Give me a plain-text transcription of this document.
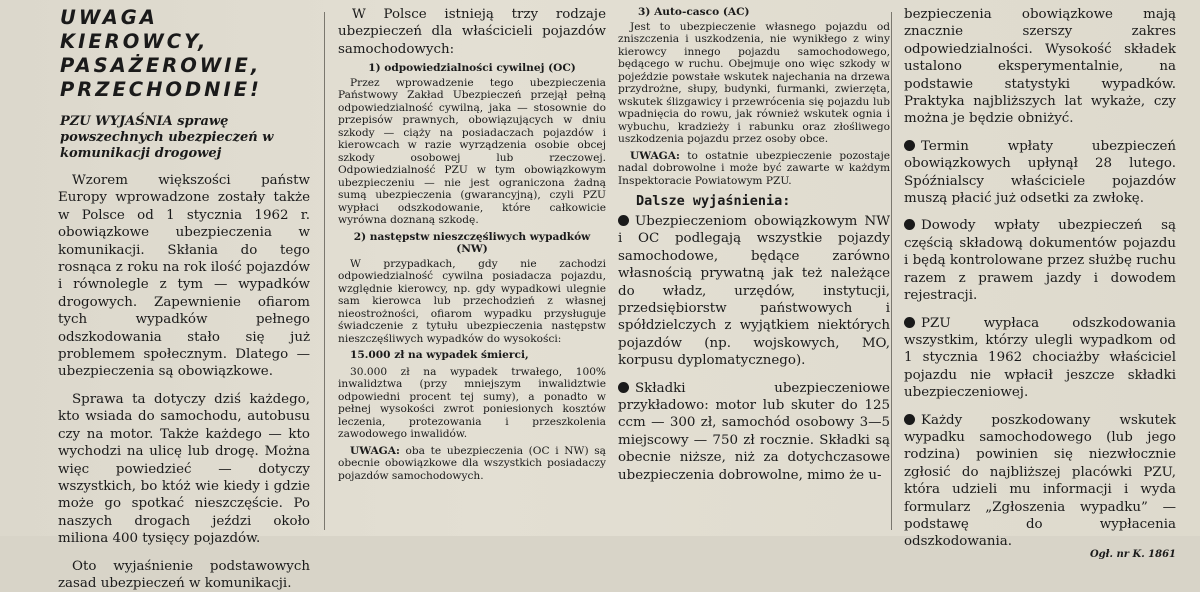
UWAGA KIEROWCY, PASAŻEROWIE, PRZECHODNIE!
PZU WYJAŚNIA sprawę powszechnych ubezpieczeń w komunikacji drogowej

Wzorem większości państw Europy wprowadzone zostały także w Polsce od 1 stycznia 1962 r. obowiązkowe ubezpieczenia w komunikacji. Skłania do tego rosnąca z roku na rok ilość pojazdów i równolegle z tym — wypadków drogowych. Zapewnienie ofiarom tych wypadków pełnego odszkodowania stało się już problemem społecznym. Dlatego — ubezpieczenia są obowiązkowe.

Sprawa ta dotyczy dziś każdego, kto wsiada do samochodu, autobusu czy na motor. Także każdego — kto wychodzi na ulicę lub drogę. Można więc powiedzieć — dotyczy wszystkich, bo któż wie kiedy i gdzie może go spotkać nieszczęście. Po naszych drogach jeździ około miliona 400 tysięcy pojazdów.

Oto wyjaśnienie podstawowych zasad ubezpieczeń w komunikacji.

W Polsce istnieją trzy rodzaje ubezpieczeń dla właścicieli pojazdów samochodowych:

1) odpowiedzialności cywilnej (OC)

Przez wprowadzenie tego ubezpieczenia Państwowy Zakład Ubezpieczeń przejął pełną odpowiedzialność cywilną, jaka — stosownie do przepisów prawnych, obowiązujących w dniu szkody — ciąży na posiadaczach pojazdów i kierowcach w razie wyrządzenia osobie obcej szkody osobowej lub rzeczowej. Odpowiedzialność PZU w tym obowiązkowym ubezpieczeniu — nie jest ograniczona żadną sumą ubezpieczenia (gwarancyjną), czyli PZU wypłaci odszkodowanie, które całkowicie wyrówna doznaną szkodę.

2) następstw nieszczęśliwych wypadków (NW)

W przypadkach, gdy nie zachodzi odpowiedzialność cywilna posiadacza pojazdu, względnie kierowcy, np. gdy wypadkowi ulegnie sam kierowca lub przechodzień z własnej nieostrożności, ofiarom wypadku przysługuje świadczenie z tytułu ubezpieczenia następstw nieszczęśliwych wypadków do wysokości:

15.000 zł na wypadek śmierci,

30.000 zł na wypadek trwałego, 100% inwalidztwa (przy mniejszym inwalidztwie odpowiedni procent tej sumy), a ponadto w pełnej wysokości zwrot poniesionych kosztów leczenia, protezowania i przeszkolenia zawodowego inwalidów.

UWAGA: oba te ubezpieczenia (OC i NW) są obecnie obowiązkowe dla wszystkich posiadaczy pojazdów samochodowych.

3) Auto-casco (AC)

Jest to ubezpieczenie własnego pojazdu od zniszczenia i uszkodzenia, nie wynikłego z winy kierowcy innego pojazdu samochodowego, będącego w ruchu. Obejmuje ono więc szkody w pojeździe powstałe wskutek najechania na drzewa przydrożne, słupy, budynki, furmanki, zwierzęta, wskutek ślizgawicy i przewrócenia się pojazdu lub wpadnięcia do rowu, jak również wskutek ognia i wybuchu, kradzieży i rabunku oraz złośliwego uszkodzenia pojazdu przez osoby obce.

UWAGA: to ostatnie ubezpieczenie pozostaje nadal dobrowolne i może być zawarte w każdym Inspektoracie Powiatowym PZU.

Dalsze wyjaśnienia:

Ubezpieczeniom obowiązkowym NW i OC podlegają wszystkie pojazdy samochodowe, będące zarówno własnością prywatną jak też należące do władz, urzędów, instytucji, przedsiębiorstw państwowych i spółdzielczych z wyjątkiem niektórych pojazdów (np. wojskowych, MO, korpusu dyplomatycznego).

Składki ubezpieczeniowe przykładowo: motor lub skuter do 125 ccm — 300 zł, samochód osobowy 3—5 miejscowy — 750 zł rocznie. Składki są obecnie niższe, niż za dotychczasowe ubezpieczenia dobrowolne, mimo że u-

bezpieczenia obowiązkowe mają znacznie szerszy zakres odpowiedzialności. Wysokość składek ustalono eksperymentalnie, na podstawie statystyki wypadków. Praktyka najbliższych lat wykaże, czy można je będzie obniżyć.

Termin wpłaty ubezpieczeń obowiązkowych upłynął 28 lutego. Spóźnialscy właściciele pojazdów muszą płacić już odsetki za zwłokę.

Dowody wpłaty ubezpieczeń są częścią składową dokumentów pojazdu i będą kontrolowane przez służbę ruchu razem z prawem jazdy i dowodem rejestracji.

PZU wypłaca odszkodowania wszystkim, którzy ulegli wypadkom od 1 stycznia 1962 chociażby właściciel pojazdu nie wpłacił jeszcze składki ubezpieczeniowej.

Każdy poszkodowany wskutek wypadku samochodowego (lub jego rodzina) powinien się niezwłocznie zgłosić do najbliższej placówki PZU, która udzieli mu informacji i wyda formularz „Zgłoszenia wypadku” — podstawę do wypłacenia odszkodowania.

Ogł. nr K. 1861
